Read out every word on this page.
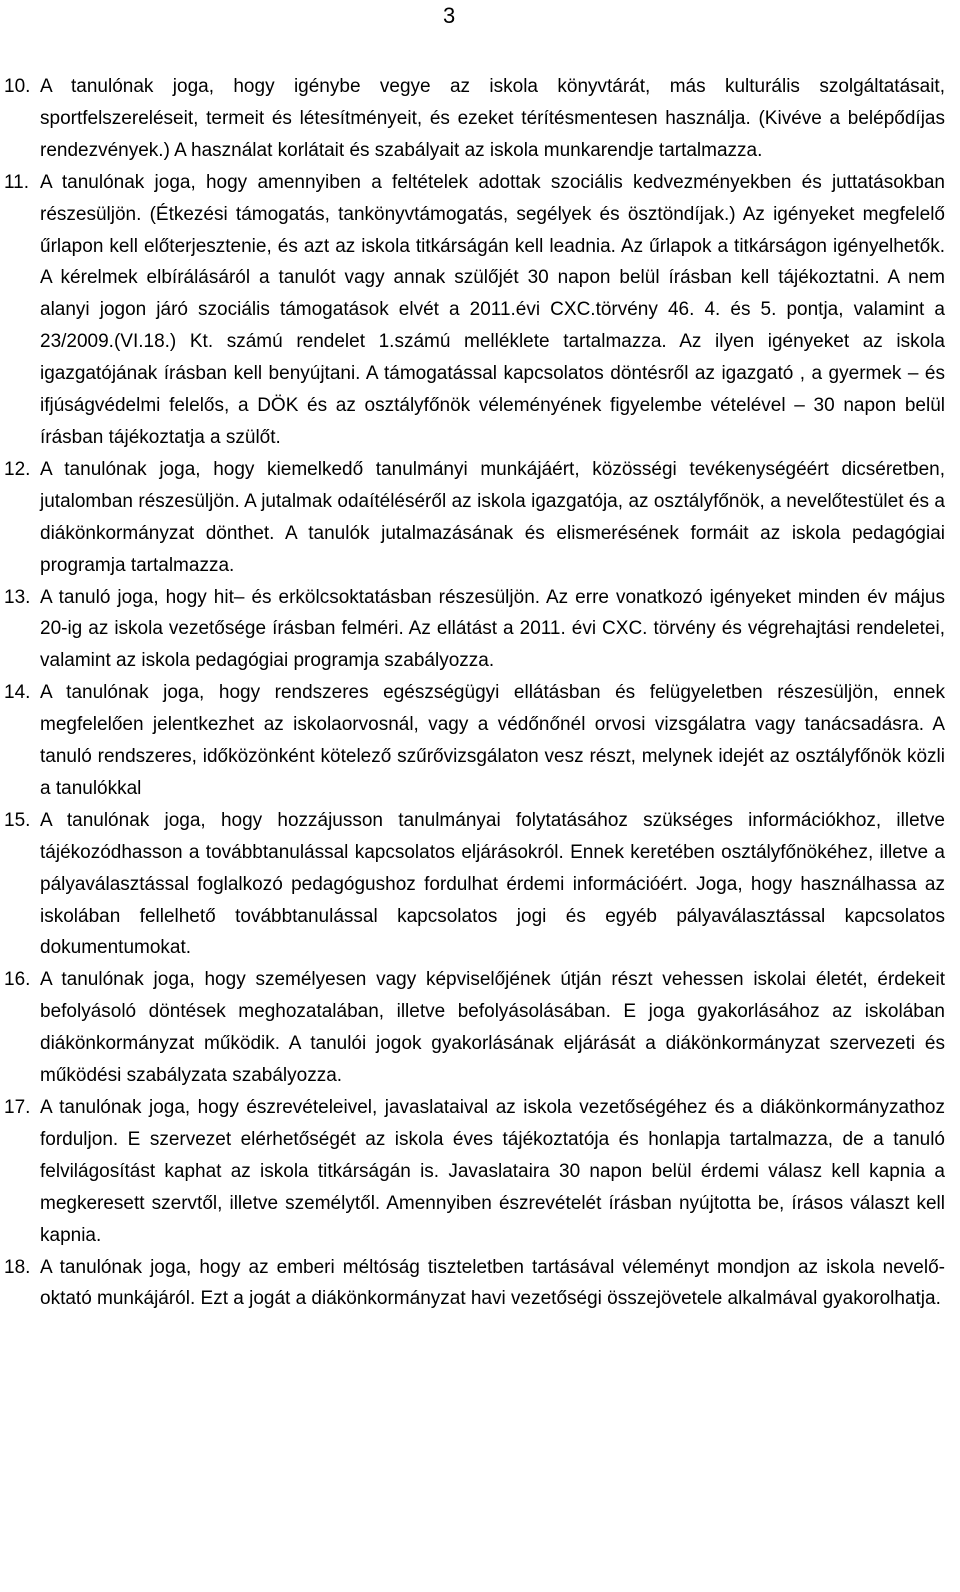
3
10. A tanulónak joga, hogy igénybe vegye az iskola könyvtárát, más kulturális szolgáltatásait, sportfelszereléseit, termeit és létesítményeit, és ezeket térítésmentesen használja. (Kivéve a belépődíjas rendezvények.) A használat korlátait és szabályait az iskola munkarendje tartalmazza.
11. A tanulónak joga, hogy amennyiben a feltételek adottak szociális kedvezményekben és juttatásokban részesüljön. (Étkezési támogatás, tankönyvtámogatás, segélyek és ösztöndíjak.) Az igényeket megfelelő űrlapon kell előterjesztenie, és azt az iskola titkárságán kell leadnia. Az űrlapok a titkárságon igényelhetők. A kérelmek elbírálásáról a tanulót vagy annak szülőjét 30 napon belül írásban kell tájékoztatni. A nem alanyi jogon járó szociális támogatások elvét a 2011.évi CXC.törvény 46. 4. és 5. pontja, valamint a 23/2009.(VI.18.) Kt. számú rendelet 1.számú melléklete tartalmazza. Az ilyen igényeket az iskola igazgatójának írásban kell benyújtani. A támogatással kapcsolatos döntésről az igazgató , a gyermek – és ifjúságvédelmi felelős, a DÖK és az osztályfőnök véleményének figyelembe vételével – 30 napon belül írásban tájékoztatja a szülőt.
12. A tanulónak joga, hogy kiemelkedő tanulmányi munkájáért, közösségi tevékenységéért dicséretben, jutalomban részesüljön. A jutalmak odaítéléséről az iskola igazgatója, az osztályfőnök, a nevelőtestület és a diákönkormányzat dönthet. A tanulók jutalmazásának és elismerésének formáit az iskola pedagógiai programja tartalmazza.
13. A tanuló joga, hogy hit– és erkölcsoktatásban részesüljön. Az erre vonatkozó igényeket minden év május 20-ig az iskola vezetősége írásban felméri. Az ellátást a 2011. évi CXC. törvény és végrehajtási rendeletei, valamint az iskola pedagógiai programja szabályozza.
14. A tanulónak joga, hogy rendszeres egészségügyi ellátásban és felügyeletben részesüljön, ennek megfelelően jelentkezhet az iskolaorvosnál, vagy a védőnőnél orvosi vizsgálatra vagy tanácsadásra. A tanuló rendszeres, időközönként kötelező szűrővizsgálaton vesz részt, melynek idejét az osztályfőnök közli a tanulókkal
15. A tanulónak joga, hogy hozzájusson tanulmányai folytatásához szükséges információkhoz, illetve tájékozódhasson a továbbtanulással kapcsolatos eljárásokról. Ennek keretében osztályfőnökéhez, illetve a pályaválasztással foglalkozó pedagógushoz fordulhat érdemi információért. Joga, hogy használhassa az iskolában fellelhető továbbtanulással kapcsolatos jogi és egyéb pályaválasztással kapcsolatos dokumentumokat.
16. A tanulónak joga, hogy személyesen vagy képviselőjének útján részt vehessen iskolai életét, érdekeit befolyásoló döntések meghozatalában, illetve befolyásolásában. E joga gyakorlásához az iskolában diákönkormányzat működik. A tanulói jogok gyakorlásának eljárását a diákönkormányzat szervezeti és működési szabályzata szabályozza.
17. A tanulónak joga, hogy észrevételeivel, javaslataival az iskola vezetőségéhez és a diákönkormányzathoz forduljon. E szervezet elérhetőségét az iskola éves tájékoztatója és honlapja tartalmazza, de a tanuló felvilágosítást kaphat az iskola titkárságán is. Javaslataira 30 napon belül érdemi válasz kell kapnia a megkeresett szervtől, illetve személytől. Amennyiben észrevételét írásban nyújtotta be, írásos választ kell kapnia.
18. A tanulónak joga, hogy az emberi méltóság tiszteletben tartásával véleményt mondjon az iskola nevelő-oktató munkájáról. Ezt a jogát a diákönkormányzat havi vezetőségi összejövetele alkalmával gyakorolhatja.
